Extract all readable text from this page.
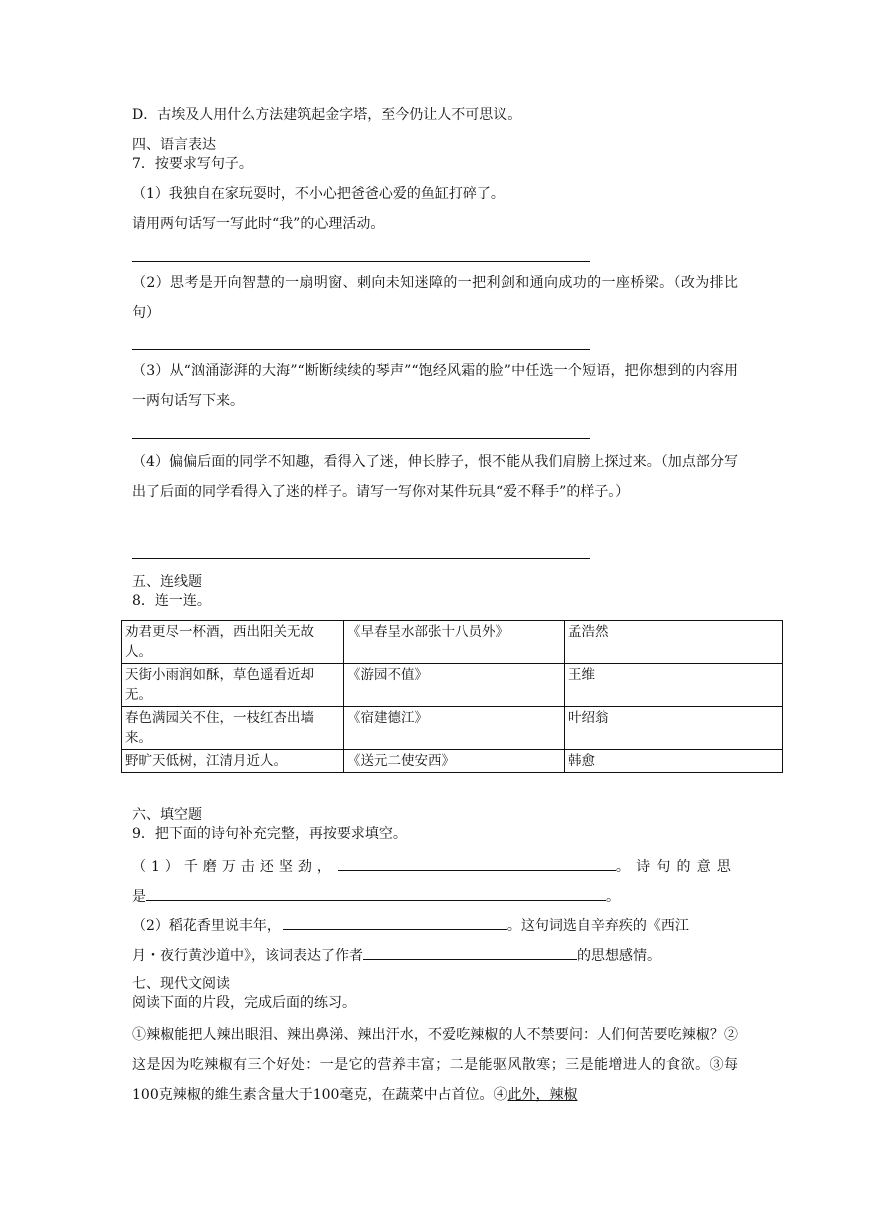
D．古埃及人用什么方法建筑起金字塔，至今仍让人不可思议。
四、语言表达
7．按要求写句子。
（1）我独自在家玩耍时，不小心把爸爸心爱的鱼缸打碎了。
请用两句话写一写此时“我”的心理活动。
（2）思考是开向智慧的一扇明窗、刺向未知迷障的一把利剑和通向成功的一座桥梁。（改为排比句）
（3）从“汹涌澎湃的大海”“断断续续的琴声”“饱经风霜的脸”中任选一个短语，把你想到的内容用一两句话写下来。
（4）偏偏后面的同学不知趣，看得入了迷，伸长脖子，恨不能从我们肩膀上探过来。（加点部分写出了后面的同学看得入了迷的样子。请写一写你对某件玩具“爱不释手”的样子。）
五、连线题
8．连一连。
劝君更尽一杯酒，西出阳关无故人。	《早春呈水部张十八员外》	孟浩然
天街小雨润如酥，草色遥看近却无。	《游园不值》	王维
春色满园关不住，一枝红杏出墙来。	《宿建德江》	叶绍翁
野旷天低树，江清月近人。	《送元二使安西》	韩愈
六、填空题
9．把下面的诗句补充完整，再按要求填空。
（1）千磨万击还坚劲，	。诗句的意思
是	。
（2）稻花香里说丰年，	。这句词选自辛弃疾的《西江
月・夜行黄沙道中》，该词表达了作者	的思想感情。
七、现代文阅读
阅读下面的片段，完成后面的练习。
①辣椒能把人辣出眼泪、辣出鼻涕、辣出汗水，不爱吃辣椒的人不禁要问：人们何苦要吃辣椒？②这是因为吃辣椒有三个好处：一是它的营养丰富；二是能驱风散寒；三是能增进人的食欲。③每100克辣椒的維生素含量大于100毫克，在蔬菜中占首位。④此外，辣椒
